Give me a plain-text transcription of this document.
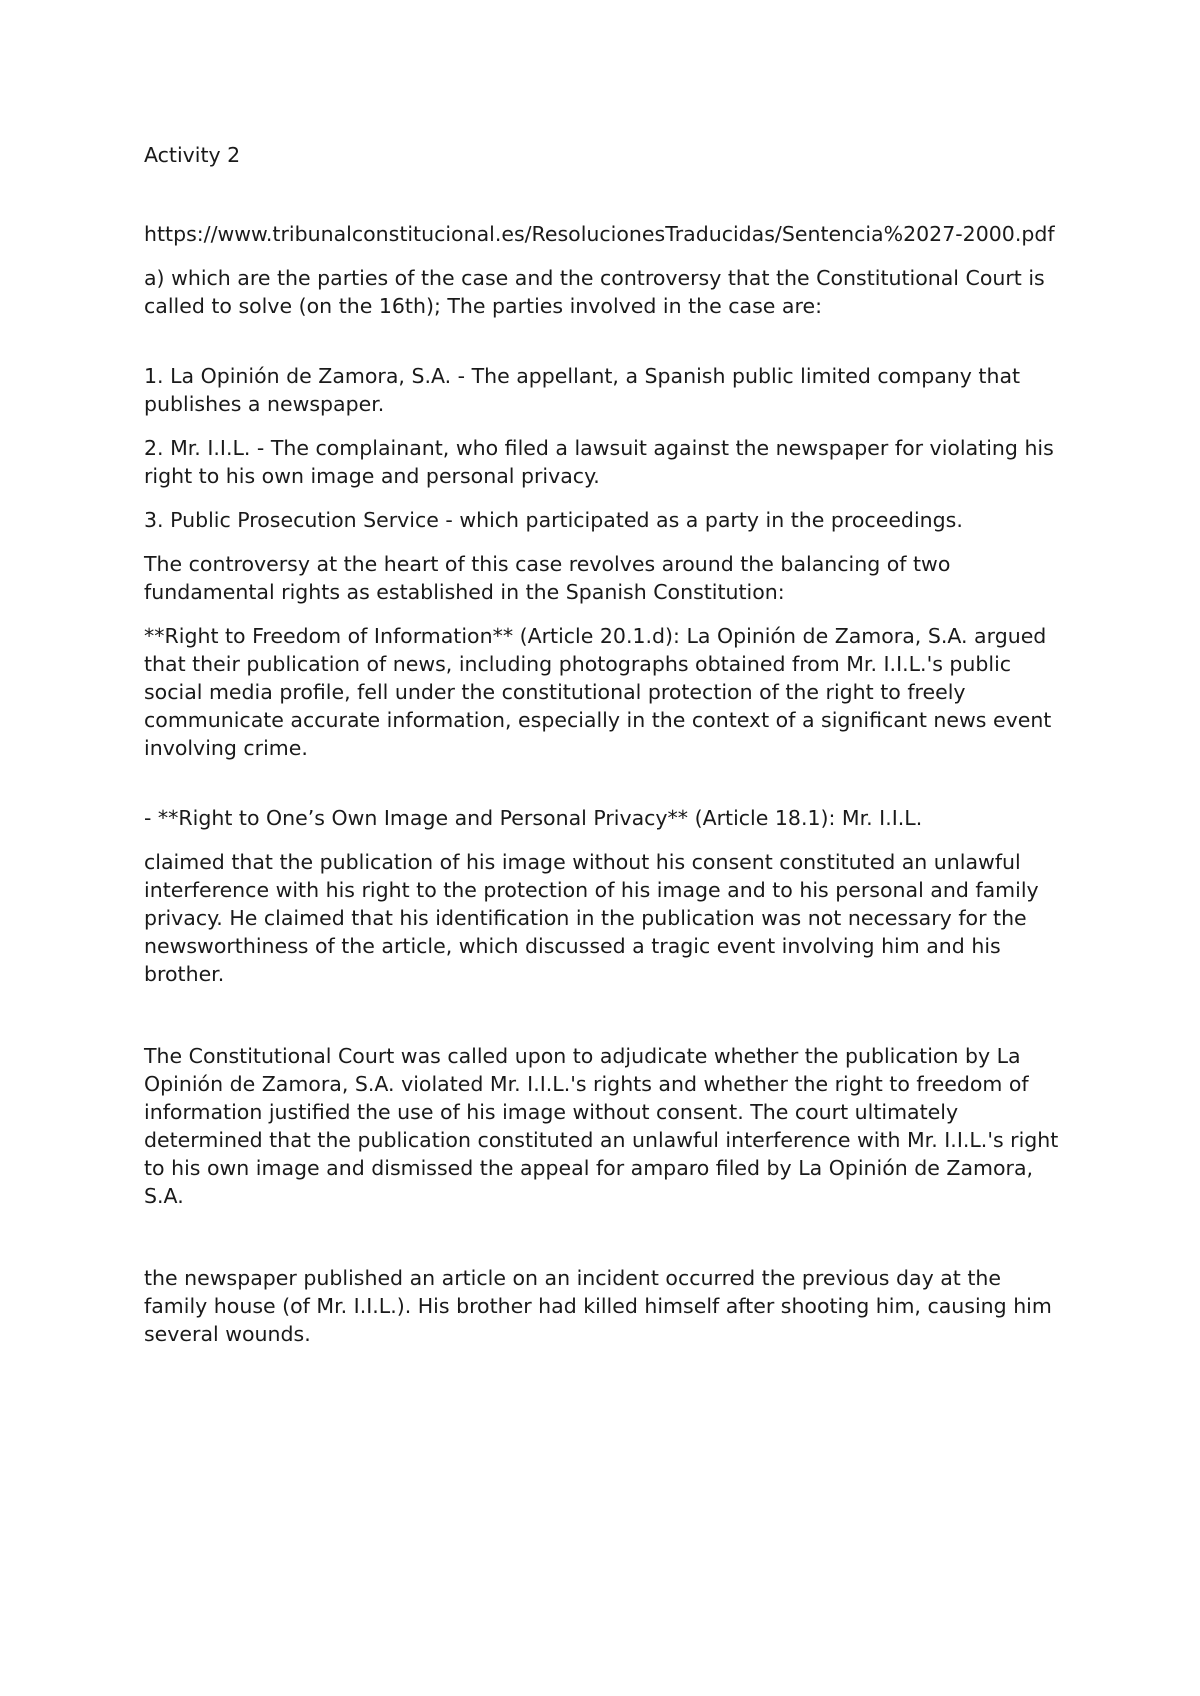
Activity 2

https://www.tribunalconstitucional.es/ResolucionesTraducidas/Sentencia%2027-2000.pdf

a) which are the parties of the case and the controversy that the Constitutional Court is called to solve (on the 16th); The parties involved in the case are:

1. La Opinión de Zamora, S.A. - The appellant, a Spanish public limited company that publishes a newspaper.

2. Mr. I.I.L. - The complainant, who filed a lawsuit against the newspaper for violating his right to his own image and personal privacy.

3. Public Prosecution Service - which participated as a party in the proceedings.

The controversy at the heart of this case revolves around the balancing of two fundamental rights as established in the Spanish Constitution:

**Right to Freedom of Information** (Article 20.1.d): La Opinión de Zamora, S.A. argued that their publication of news, including photographs obtained from Mr. I.I.L.'s public social media profile, fell under the constitutional protection of the right to freely communicate accurate information, especially in the context of a significant news event involving crime.

- **Right to One’s Own Image and Personal Privacy** (Article 18.1): Mr. I.I.L.

claimed that the publication of his image without his consent constituted an unlawful interference with his right to the protection of his image and to his personal and family privacy. He claimed that his identification in the publication was not necessary for the newsworthiness of the article, which discussed a tragic event involving him and his brother.

The Constitutional Court was called upon to adjudicate whether the publication by La Opinión de Zamora, S.A. violated Mr. I.I.L.'s rights and whether the right to freedom of information justified the use of his image without consent. The court ultimately determined that the publication constituted an unlawful interference with Mr. I.I.L.'s right to his own image and dismissed the appeal for amparo filed by La Opinión de Zamora, S.A.

the newspaper published an article on an incident occurred the previous day at the family house (of Mr. I.I.L.). His brother had killed himself after shooting him, causing him several wounds.
